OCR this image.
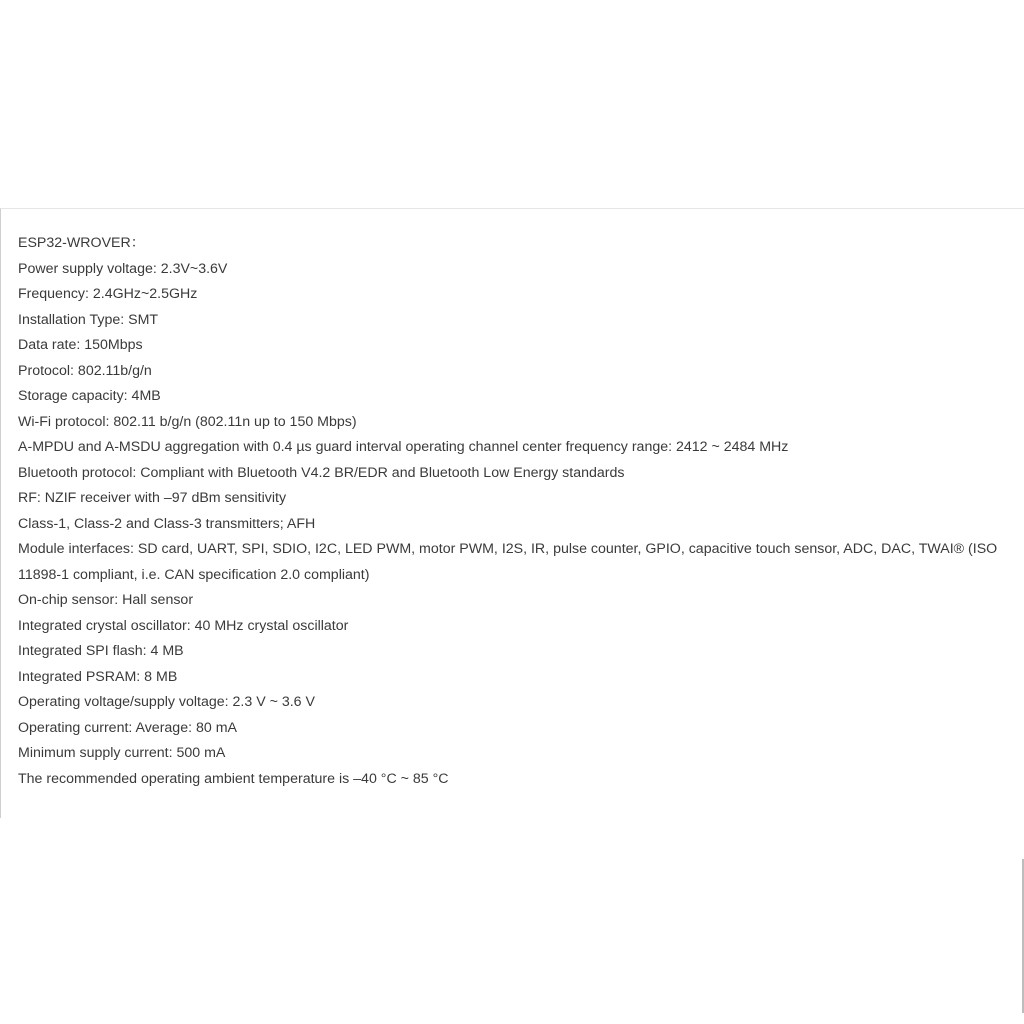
ESP32-WROVER：
Power supply voltage: 2.3V~3.6V
Frequency: 2.4GHz~2.5GHz
Installation Type: SMT
Data rate: 150Mbps
Protocol: 802.11b/g/n
Storage capacity: 4MB
Wi-Fi protocol: 802.11 b/g/n (802.11n up to 150 Mbps)
A-MPDU and A-MSDU aggregation with 0.4 µs guard interval operating channel center frequency range: 2412 ~ 2484 MHz
Bluetooth protocol: Compliant with Bluetooth V4.2 BR/EDR and Bluetooth Low Energy standards
RF: NZIF receiver with –97 dBm sensitivity
Class-1, Class-2 and Class-3 transmitters; AFH
Module interfaces: SD card, UART, SPI, SDIO, I2C, LED PWM, motor PWM, I2S, IR, pulse counter, GPIO, capacitive touch sensor, ADC, DAC, TWAI® (ISO 11898-1 compliant, i.e. CAN specification 2.0 compliant)
On-chip sensor: Hall sensor
Integrated crystal oscillator: 40 MHz crystal oscillator
Integrated SPI flash: 4 MB
Integrated PSRAM: 8 MB
Operating voltage/supply voltage: 2.3 V ~ 3.6 V
Operating current: Average: 80 mA
Minimum supply current: 500 mA
The recommended operating ambient temperature is –40 °C ~ 85 °C
